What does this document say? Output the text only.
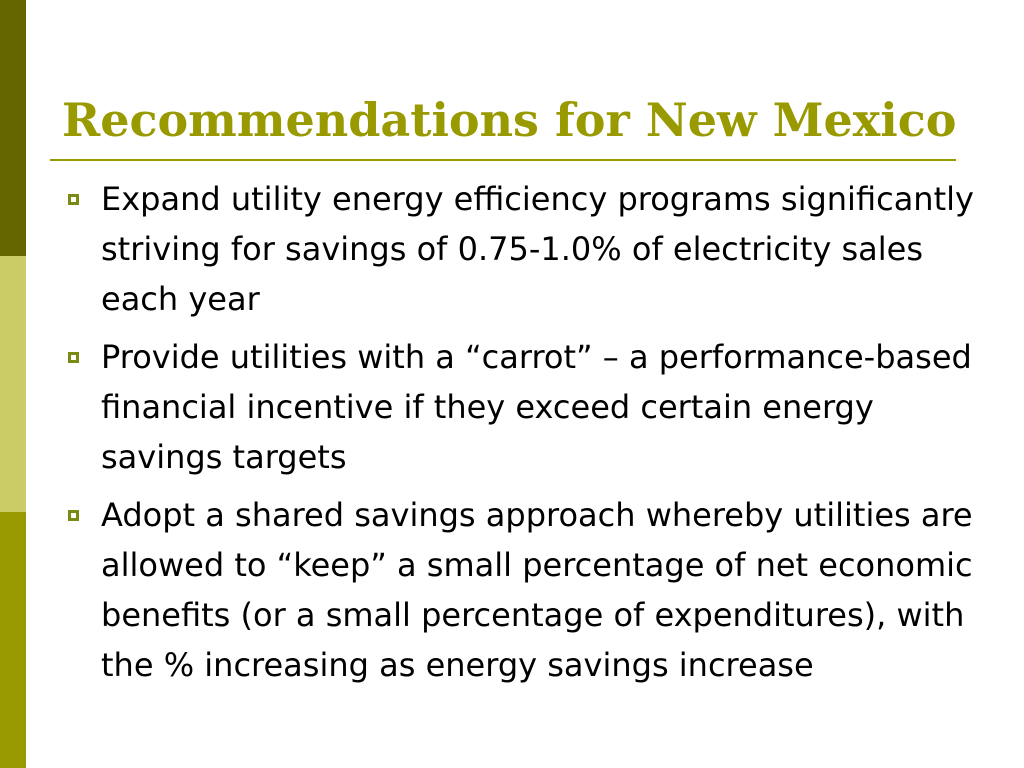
Recommendations for New Mexico
Expand utility energy efficiency programs significantly striving for savings of 0.75-1.0% of electricity sales each year
Provide utilities with a “carrot” – a performance-based financial incentive if they exceed certain energy savings targets
Adopt a shared savings approach whereby utilities are allowed to “keep” a small percentage of net economic benefits (or a small percentage of expenditures), with the % increasing as energy savings increase
